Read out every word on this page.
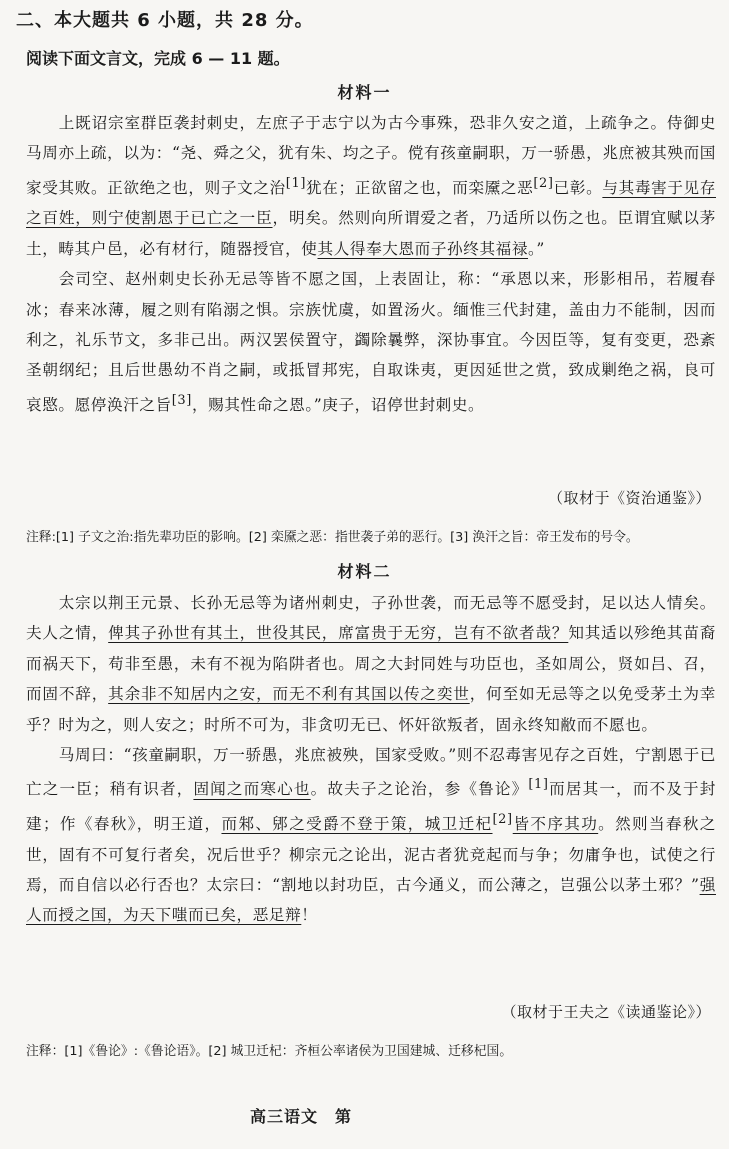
二、本大题共 6 小题，共 28 分。
阅读下面文言文，完成 6 — 11 题。
材料一

上既诏宗室群臣袭封刺史，左庶子于志宁以为古今事殊，恐非久安之道，上疏争之。侍御史马周亦上疏，以为：“尧、舜之父，犹有朱、均之子。傥有孩童嗣职，万一骄愚，兆庶被其殃而国家受其败。正欲绝之也，则子文之治[1]犹在；正欲留之也，而栾黡之恶[2]已彰。与其毒害于见存之百姓，则宁使割恩于已亡之一臣，明矣。然则向所谓爱之者，乃适所以伤之也。臣谓宜赋以茅土，畴其户邑，必有材行，随器授官，使其人得奉大恩而子孙终其福禄。”

会司空、赵州刺史长孙无忌等皆不愿之国，上表固让，称：“承恩以来，形影相吊，若履春冰；春来冰薄，履之则有陷溺之惧。宗族忧虞，如置汤火。缅惟三代封建，盖由力不能制，因而利之，礼乐节文，多非己出。两汉罢侯置守，蠲除曩弊，深协事宜。今因臣等，复有变更，恐紊圣朝纲纪；且后世愚幼不肖之嗣，或抵冒邦宪，自取诛夷，更因延世之赏，致成剿绝之祸，良可哀愍。愿停涣汗之旨[3]，赐其性命之恩。”庚子，诏停世封刺史。

（取材于《资治通鉴》）
注释:[1] 子文之治:指先辈功臣的影响。[2] 栾黡之恶：指世袭子弟的恶行。[3] 涣汗之旨：帝王发布的号令。
材料二

太宗以荆王元景、长孙无忌等为诸州刺史，子孙世袭，而无忌等不愿受封，足以达人情矣。夫人之情，俾其子孙世有其土，世役其民，席富贵于无穷，岂有不欲者哉？知其适以殄绝其苗裔而祸天下，苟非至愚，未有不视为陷阱者也。周之大封同姓与功臣也，圣如周公，贤如吕、召，而固不辞，其余非不知居内之安，而无不利有其国以传之奕世，何至如无忌等之以免受茅土为幸乎？时为之，则人安之；时所不可为，非贪叨无已、怀奸欲叛者，固永终知敝而不愿也。

马周曰：“孩童嗣职，万一骄愚，兆庶被殃，国家受败。”则不忍毒害见存之百姓，宁割恩于已亡之一臣；稍有识者，固闻之而寒心也。故夫子之论治，参《鲁论》[1]而居其一，而不及于封建；作《春秋》，明王道，而邾、郳之受爵不登于策，城卫迁杞[2]皆不序其功。然则当春秋之世，固有不可复行者矣，况后世乎？柳宗元之论出，泥古者犹竞起而与争；勿庸争也，试使之行焉，而自信以必行否也？太宗曰：“割地以封功臣，古今通义，而公薄之，岂强公以茅土邪？”强人而授之国，为天下嗤而已矣，恶足辩！

（取材于王夫之《读通鉴论》）
注释：[1]《鲁论》:《鲁论语》。[2] 城卫迁杞：齐桓公率诸侯为卫国建城、迁移杞国。
高三语文　第
